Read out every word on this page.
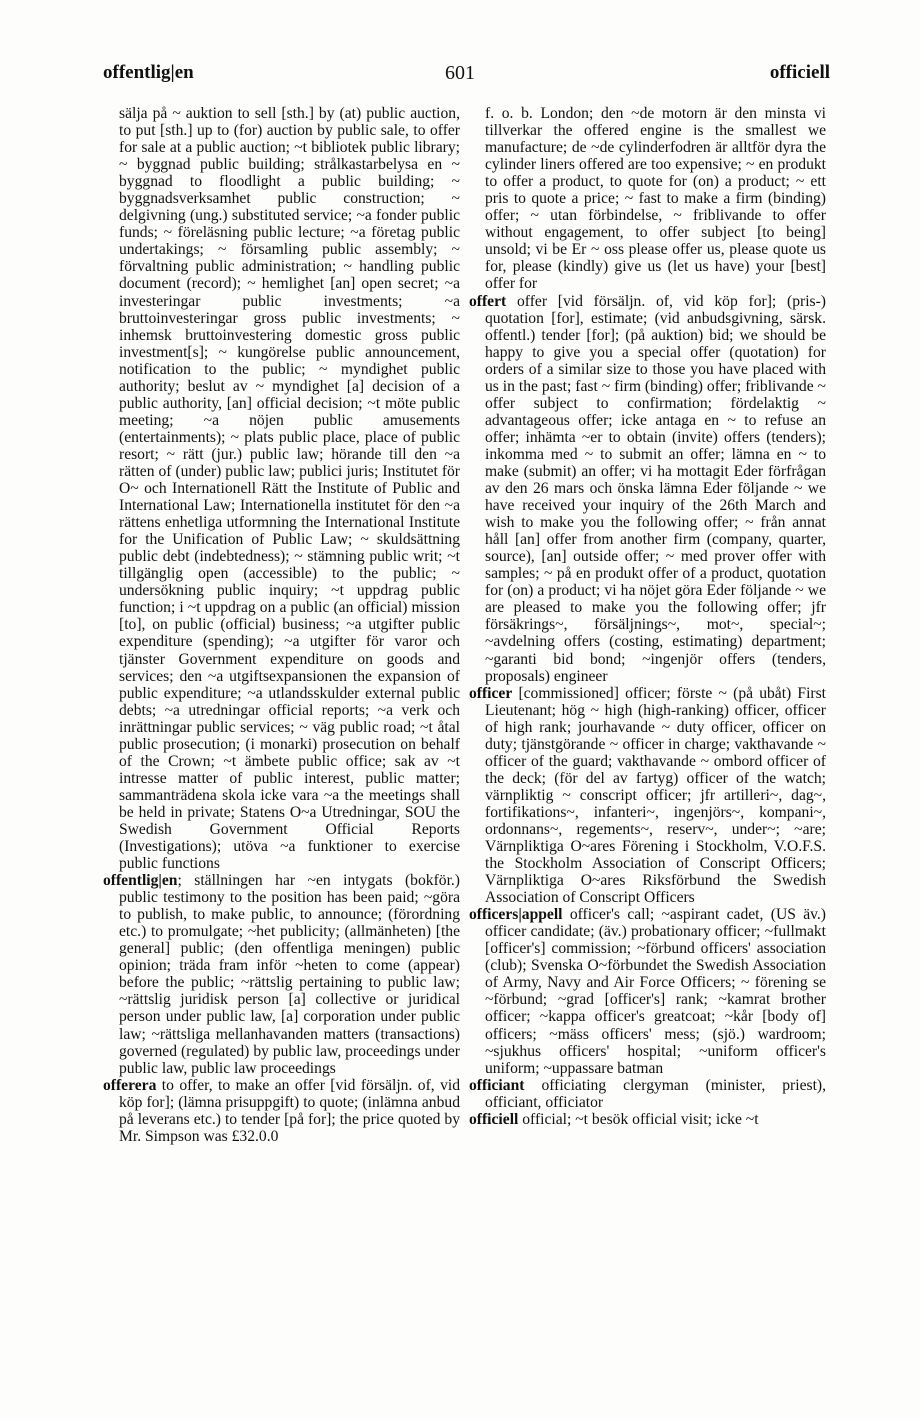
offentlig|en	601	officiell

sälja på ~ auktion to sell [sth.] by (at) public auction, to put [sth.] up to (for) auction by public sale, to offer for sale at a public auction; ~t bibliotek public library; ~ byggnad public building; strålkastarbelysa en ~ byggnad to floodlight a public building; ~ byggnadsverksamhet public construction; ~ delgivning (ung.) substituted service; ~a fonder public funds; ~ föreläsning public lecture; ~a företag public undertakings; ~ församling public assembly; ~ förvaltning public administration; ~ handling public document (record); ~ hemlighet [an] open secret; ~a investeringar public investments; ~a bruttoinvesteringar gross public investments; ~ inhemsk bruttoinvestering domestic gross public investment[s]; ~ kungörelse public announcement, notification to the public; ~ myndighet public authority; beslut av ~ myndighet [a] decision of a public authority, [an] official decision; ~t möte public meeting; ~a nöjen public amusements (entertainments); ~ plats public place, place of public resort; ~ rätt (jur.) public law; hörande till den ~a rätten of (under) public law; publici juris; Institutet för O~ och Internationell Rätt the Institute of Public and International Law; Internationella institutet för den ~a rättens enhetliga utformning the International Institute for the Unification of Public Law; ~ skuldsättning public debt (indebtedness); ~ stämning public writ; ~t tillgänglig open (accessible) to the public; ~ undersökning public inquiry; ~t uppdrag public function; i ~t uppdrag on a public (an official) mission [to], on public (official) business; ~a utgifter public expenditure (spending); ~a utgifter för varor och tjänster Government expenditure on goods and services; den ~a utgiftsexpansionen the expansion of public expenditure; ~a utlandsskulder external public debts; ~a utredningar official reports; ~a verk och inrättningar public services; ~ väg public road; ~t åtal public prosecution; (i monarki) prosecution on behalf of the Crown; ~t ämbete public office; sak av ~t intresse matter of public interest, public matter; sammanträdena skola icke vara ~a the meetings shall be held in private; Statens O~a Utredningar, SOU the Swedish Government Official Reports (Investigations); utöva ~a funktioner to exercise public functions

offentlig|en; ställningen har ~en intygats (bokför.) public testimony to the position has been paid; ~göra to publish, to make public, to announce; (förordning etc.) to promulgate; ~het publicity; (allmänheten) [the general] public; (den offentliga meningen) public opinion; träda fram inför ~heten to come (appear) before the public; ~rättslig pertaining to public law; ~rättslig juridisk person [a] collective or juridical person under public law, [a] corporation under public law; ~rättsliga mellanhavanden matters (transactions) governed (regulated) by public law, proceedings under public law, public law proceedings

offerera to offer, to make an offer [vid försäljn. of, vid köp for]; (lämna prisuppgift) to quote; (inlämna anbud på leverans etc.) to tender [på for]; the price quoted by Mr. Simpson was £32.0.0

f. o. b. London; den ~de motorn är den minsta vi tillverkar the offered engine is the smallest we manufacture; de ~de cylinderfodren är alltför dyra the cylinder liners offered are too expensive; ~ en produkt to offer a product, to quote for (on) a product; ~ ett pris to quote a price; ~ fast to make a firm (binding) offer; ~ utan förbindelse, ~ friblivande to offer without engagement, to offer subject [to being] unsold; vi be Er ~ oss please offer us, please quote us for, please (kindly) give us (let us have) your [best] offer for

offert offer [vid försäljn. of, vid köp for]; (pris-) quotation [for], estimate; (vid anbudsgivning, särsk. offentl.) tender [for]; (på auktion) bid; we should be happy to give you a special offer (quotation) for orders of a similar size to those you have placed with us in the past; fast ~ firm (binding) offer; friblivande ~ offer subject to confirmation; fördelaktig ~ advantageous offer; icke antaga en ~ to refuse an offer; inhämta ~er to obtain (invite) offers (tenders); inkomma med ~ to submit an offer; lämna en ~ to make (submit) an offer; vi ha mottagit Eder förfrågan av den 26 mars och önska lämna Eder följande ~ we have received your inquiry of the 26th March and wish to make you the following offer; ~ från annat håll [an] offer from another firm (company, quarter, source), [an] outside offer; ~ med prover offer with samples; ~ på en produkt offer of a product, quotation for (on) a product; vi ha nöjet göra Eder följande ~ we are pleased to make you the following offer; jfr försäkrings~, försäljnings~, mot~, special~; ~avdelning offers (costing, estimating) department; ~garanti bid bond; ~ingenjör offers (tenders, proposals) engineer

officer [commissioned] officer; förste ~ (på ubåt) First Lieutenant; hög ~ high (high-ranking) officer, officer of high rank; jourhavande ~ duty officer, officer on duty; tjänstgörande ~ officer in charge; vakthavande ~ officer of the guard; vakthavande ~ ombord officer of the deck; (för del av fartyg) officer of the watch; värnpliktig ~ conscript officer; jfr artilleri~, dag~, fortifikations~, infanteri~, ingenjörs~, kompani~, ordonnans~, regements~, reserv~, under~; ~are; Värnpliktiga O~ares Förening i Stockholm, V.O.F.S. the Stockholm Association of Conscript Officers; Värnpliktiga O~ares Riksförbund the Swedish Association of Conscript Officers

officers|appell officer's call; ~aspirant cadet, (US äv.) officer candidate; (äv.) probationary officer; ~fullmakt [officer's] commission; ~förbund officers' association (club); Svenska O~förbundet the Swedish Association of Army, Navy and Air Force Officers; ~ förening se ~förbund; ~grad [officer's] rank; ~kamrat brother officer; ~kappa officer's greatcoat; ~kår [body of] officers; ~mäss officers' mess; (sjö.) wardroom; ~sjukhus officers' hospital; ~uniform officer's uniform; ~uppassare batman

officiant officiating clergyman (minister, priest), officiant, officiator

officiell official; ~t besök official visit; icke ~t
